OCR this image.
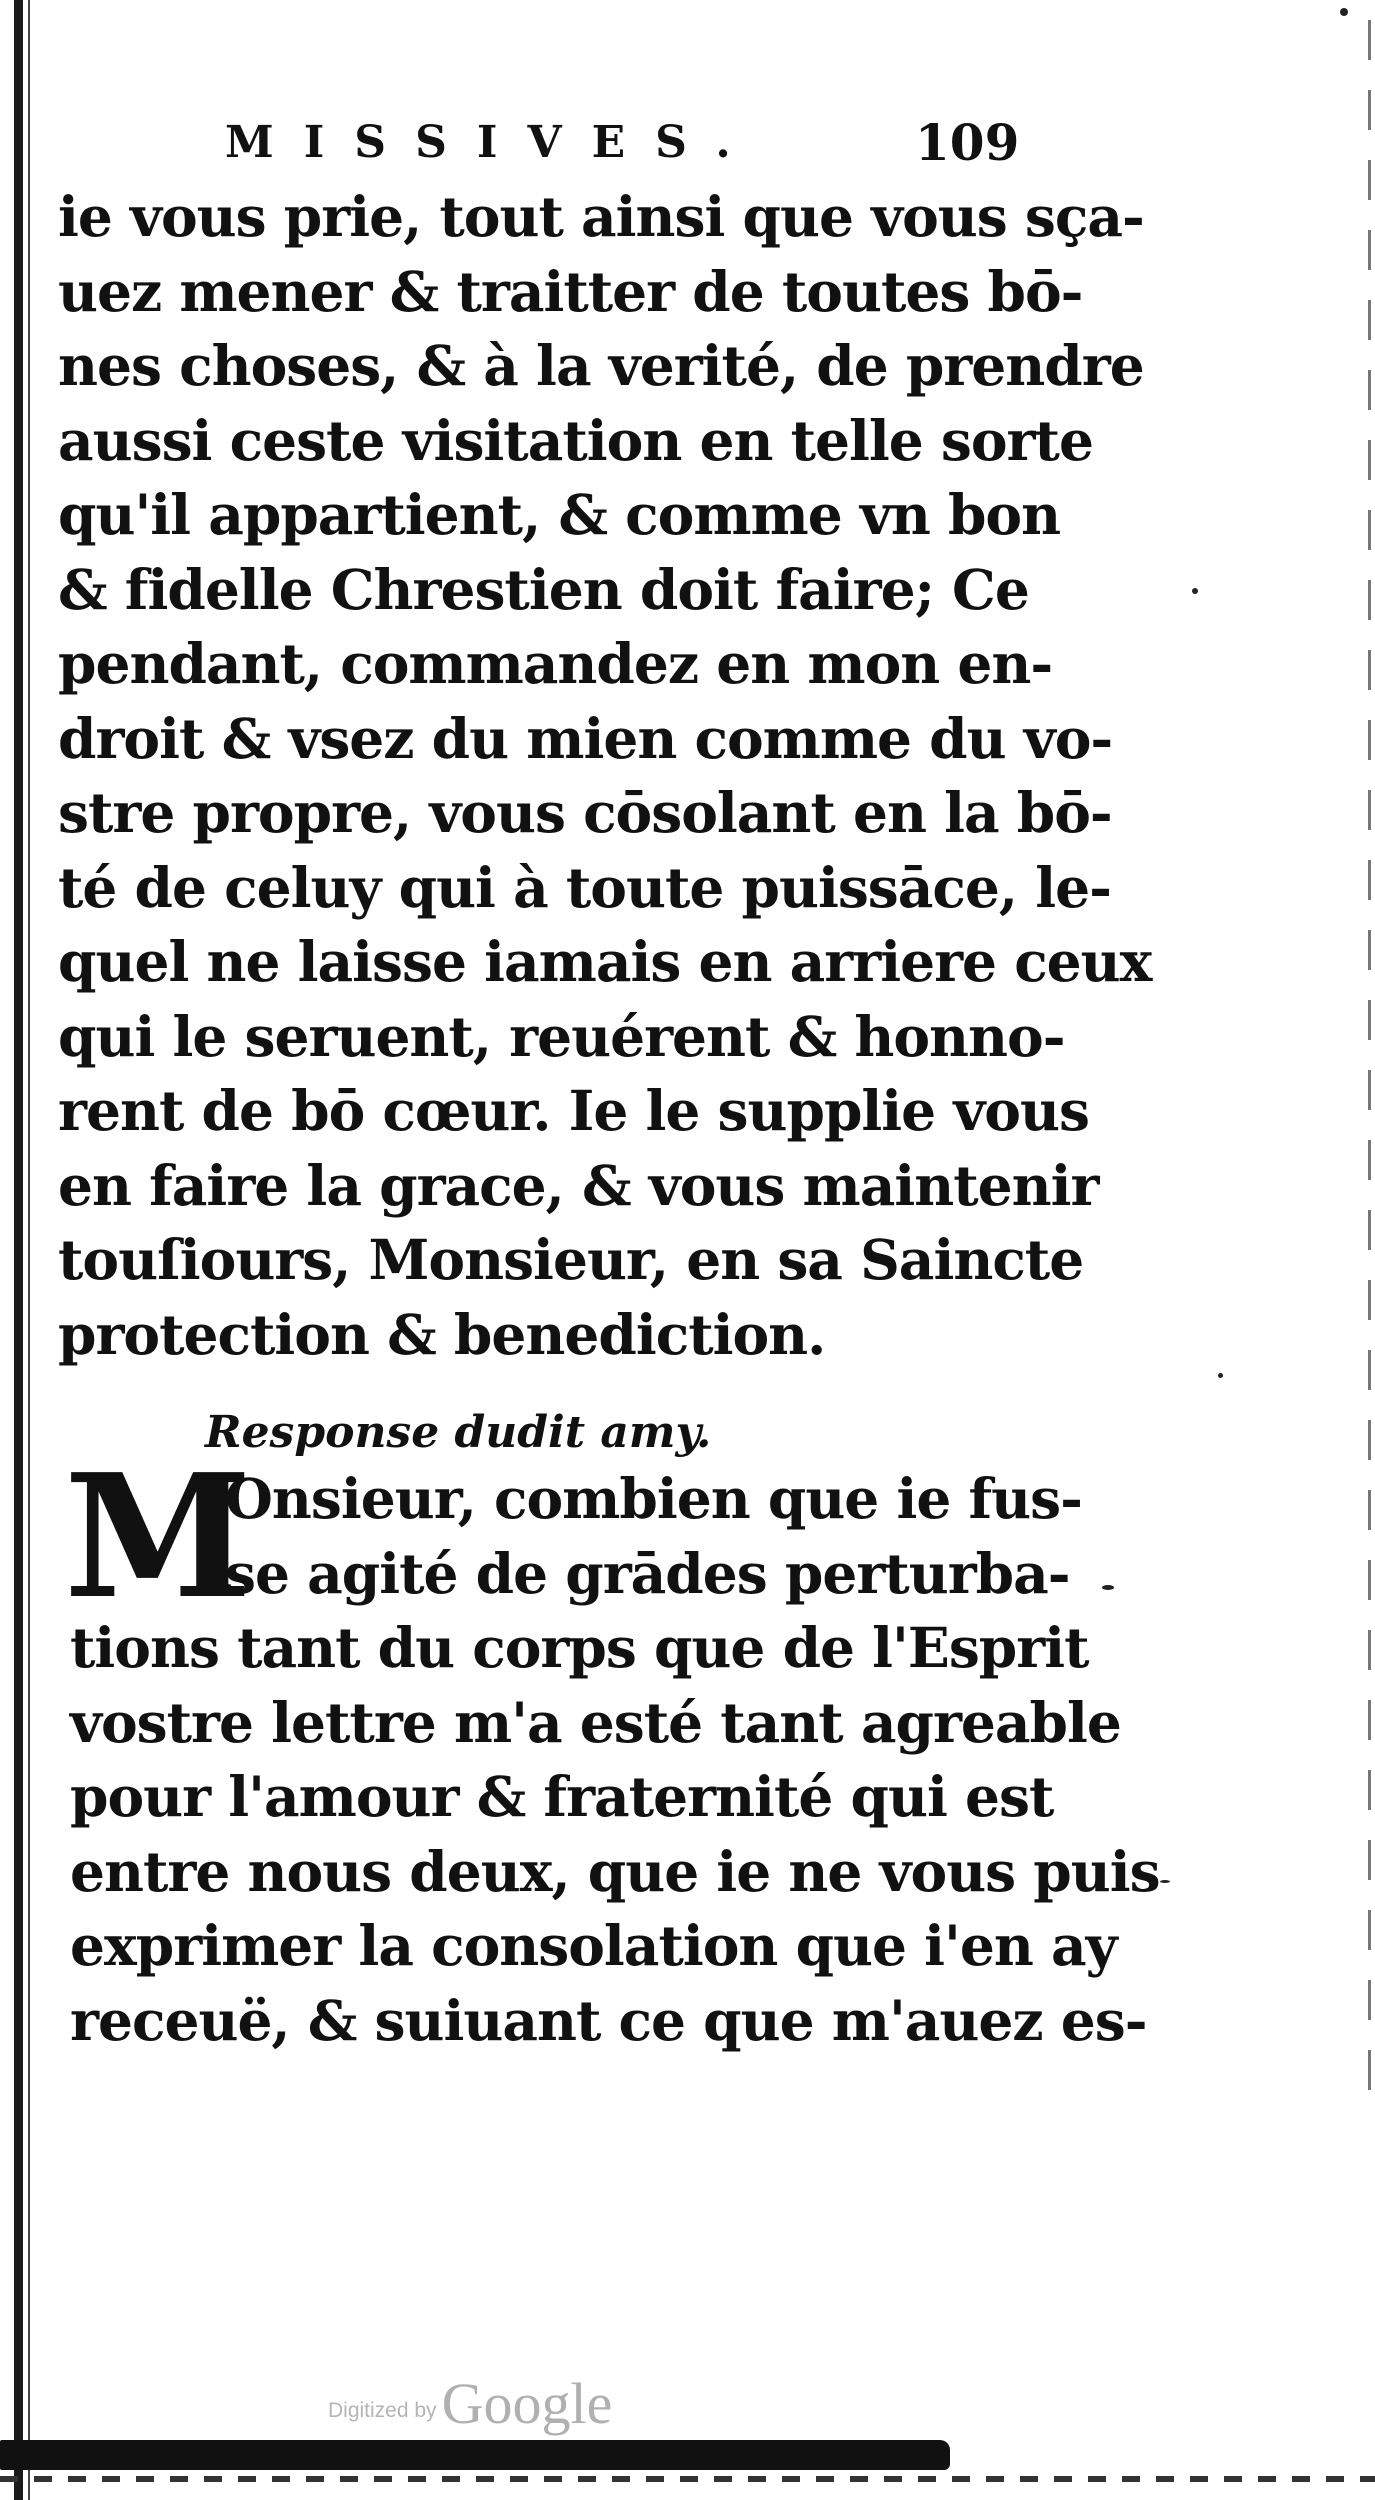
MISSIVES.	109
ie vous prie, tout ainsi que vous sça-
uez mener & traitter de toutes bō-
nes choses, & à la verité, de prendre
aussi ceste visitation en telle sorte
qu'il appartient, & comme vn bon
& fidelle Chrestien doit faire; Ce
pendant, commandez en mon en-
droit & vsez du mien comme du vo-
stre propre, vous cōsolant en la bō-
té de celuy qui à toute puissāce, le-
quel ne laisse iamais en arriere ceux
qui le seruent, reuérent & honno-
rent de bō cœur. Ie le supplie vous
en faire la grace, & vous maintenir
touſiours, Monsieur, en sa Saincte
protection & benediction.
Response dudit amy.
M
Onsieur, combien que ie fus-
se agité de grādes perturba-
tions tant du corps que de l'Esprit
vostre lettre m'a esté tant agreable
pour l'amour & fraternité qui est
entre nous deux, que ie ne vous puis
exprimer la consolation que i'en ay
receuë, & suiuant ce que m'auez es-
Digitized by Google
